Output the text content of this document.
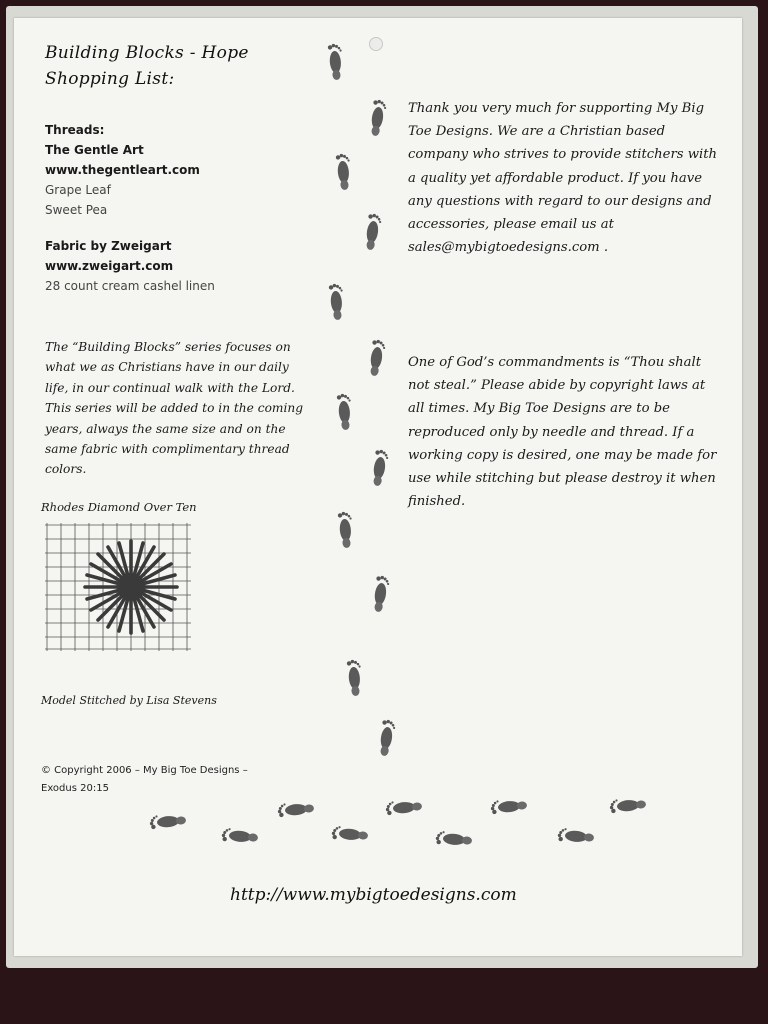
Building Blocks - Hope
Shopping List:
Threads:
The Gentle Art
www.thegentleart.com
Grape Leaf
Sweet Pea
Fabric by Zweigart
www.zweigart.com
28 count cream cashel linen
Thank you very much for supporting My Big Toe Designs. We are a Christian based company who strives to provide stitchers with a quality yet affordable product. If you have any questions with regard to our designs and accessories, please email us at sales@mybigtoedesigns.com .
The “Building Blocks” series focuses on what we as Christians have in our daily life, in our continual walk with the Lord. This series will be added to in the coming years, always the same size and on the same fabric with complimentary thread colors.
One of God’s commandments is “Thou shalt not steal.” Please abide by copyright laws at all times. My Big Toe Designs are to be reproduced only by needle and thread. If a working copy is desired, one may be made for use while stitching but please destroy it when finished.
Rhodes Diamond Over Ten
Model Stitched by Lisa Stevens
© Copyright 2006 – My Big Toe Designs –
Exodus 20:15
http://www.mybigtoedesigns.com
